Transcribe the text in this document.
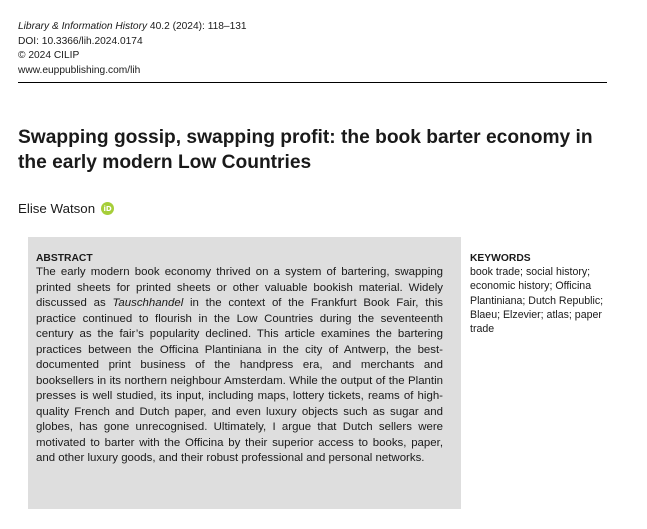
Library & Information History 40.2 (2024): 118–131
DOI: 10.3366/lih.2024.0174
© 2024 CILIP
www.euppublishing.com/lih
Swapping gossip, swapping profit: the book barter economy in the early modern Low Countries
Elise Watson	iD
ABSTRACT

The early modern book economy thrived on a system of bartering, swapping printed sheets for printed sheets or other valuable bookish material. Widely discussed as Tauschhandel in the context of the Frankfurt Book Fair, this practice continued to flourish in the Low Countries during the seventeenth century as the fair’s popularity declined. This article examines the bartering practices between the Officina Plantiniana in the city of Antwerp, the best-documented print business of the handpress era, and merchants and booksellers in its northern neighbour Amsterdam. While the output of the Plantin presses is well studied, its input, including maps, lottery tickets, reams of high-quality French and Dutch paper, and even luxury objects such as sugar and globes, has gone unrecognised. Ultimately, I argue that Dutch sellers were motivated to barter with the Officina by their superior access to books, paper, and other luxury goods, and their robust professional and personal networks.

KEYWORDS

book trade; social history; economic history; Officina Plantiniana; Dutch Republic; Blaeu; Elzevier; atlas; paper trade
